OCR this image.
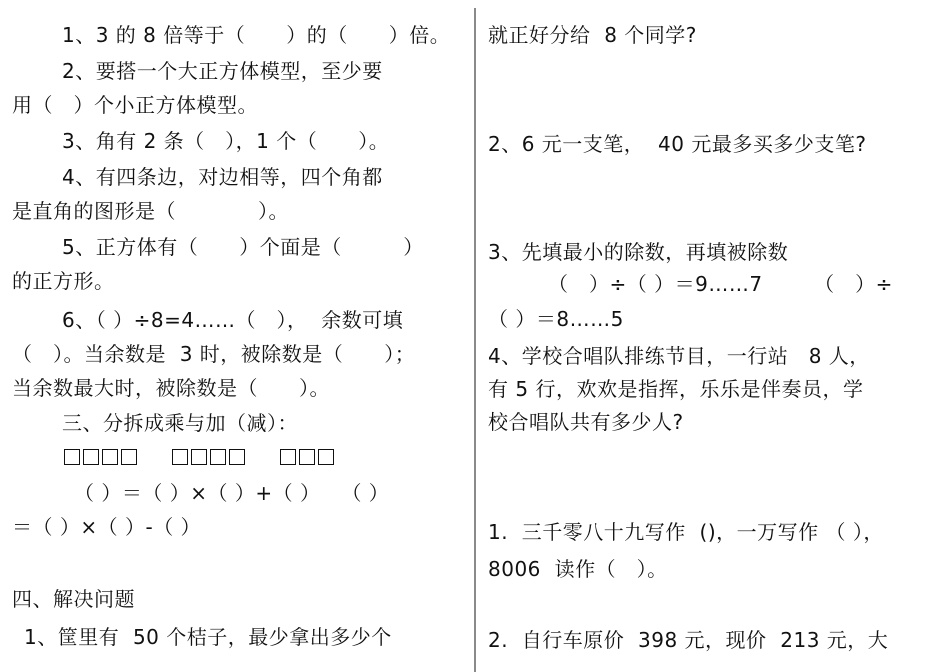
1、3 的 8 倍等于（　　）的（　　）倍。
2、要搭一个大正方体模型，至少要
用（　）个小正方体模型。
3、角有 2 条（　），1 个（　　）。
4、有四条边，对边相等，四个角都
是直角的图形是（　　　　）。
5、正方体有（　　）个面是（　　　）
的正方形。
6、（ ）÷8=4……（　），  余数可填
（　）。当余数是  3 时，被除数是（　　）；
当余数最大时，被除数是（　　）。
三、分拆成乘与加（减）：
（ ）＝（ ）×（ ）+（ ）　　（ ）
＝（ ）×（ ）-（ ）
四、解决问题
1、筐里有  50 个桔子，最少拿出多少个
就正好分给  8 个同学?
2、6 元一支笔，  40 元最多买多少支笔?
3、先填最小的除数，再填被除数
（　）÷（ ）＝9……7　　　（　）÷
（ ）＝8……5
4、学校合唱队排练节目，一行站　8 人，
有 5 行，欢欢是指挥，乐乐是伴奏员，学
校合唱队共有多少人?
1.  三千零八十九写作  ()，一万写作 （ ），
8006  读作（　）。
2.  自行车原价  398 元，现价  213 元，大
